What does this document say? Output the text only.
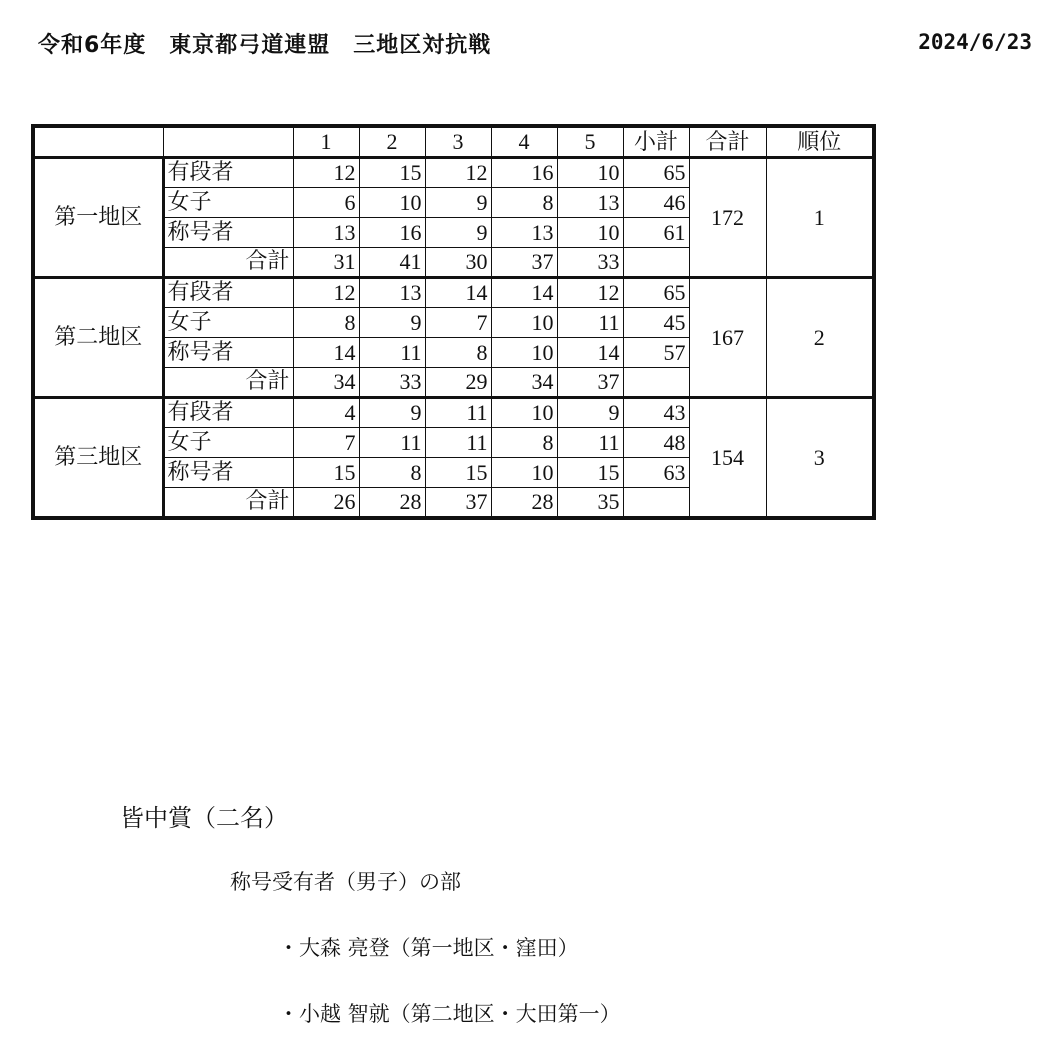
令和6年度　東京都弓道連盟　三地区対抗戦	2024/6/23
		1	2	3	4	5	小計	合計	順位
第一地区	有段者	12	15	12	16	10	65	172	1
	女子	6	10	9	8	13	46		
	称号者	13	16	9	13	10	61		
	合計	31	41	30	37	33			
第二地区	有段者	12	13	14	14	12	65	167	2
	女子	8	9	7	10	11	45		
	称号者	14	11	8	10	14	57		
	合計	34	33	29	34	37			
第三地区	有段者	4	9	11	10	9	43	154	3
	女子	7	11	11	8	11	48		
	称号者	15	8	15	10	15	63		
	合計	26	28	37	28	35			
皆中賞（二名）
称号受有者（男子）の部
・大森 亮登（第一地区・窪田）
・小越 智就（第二地区・大田第一）
